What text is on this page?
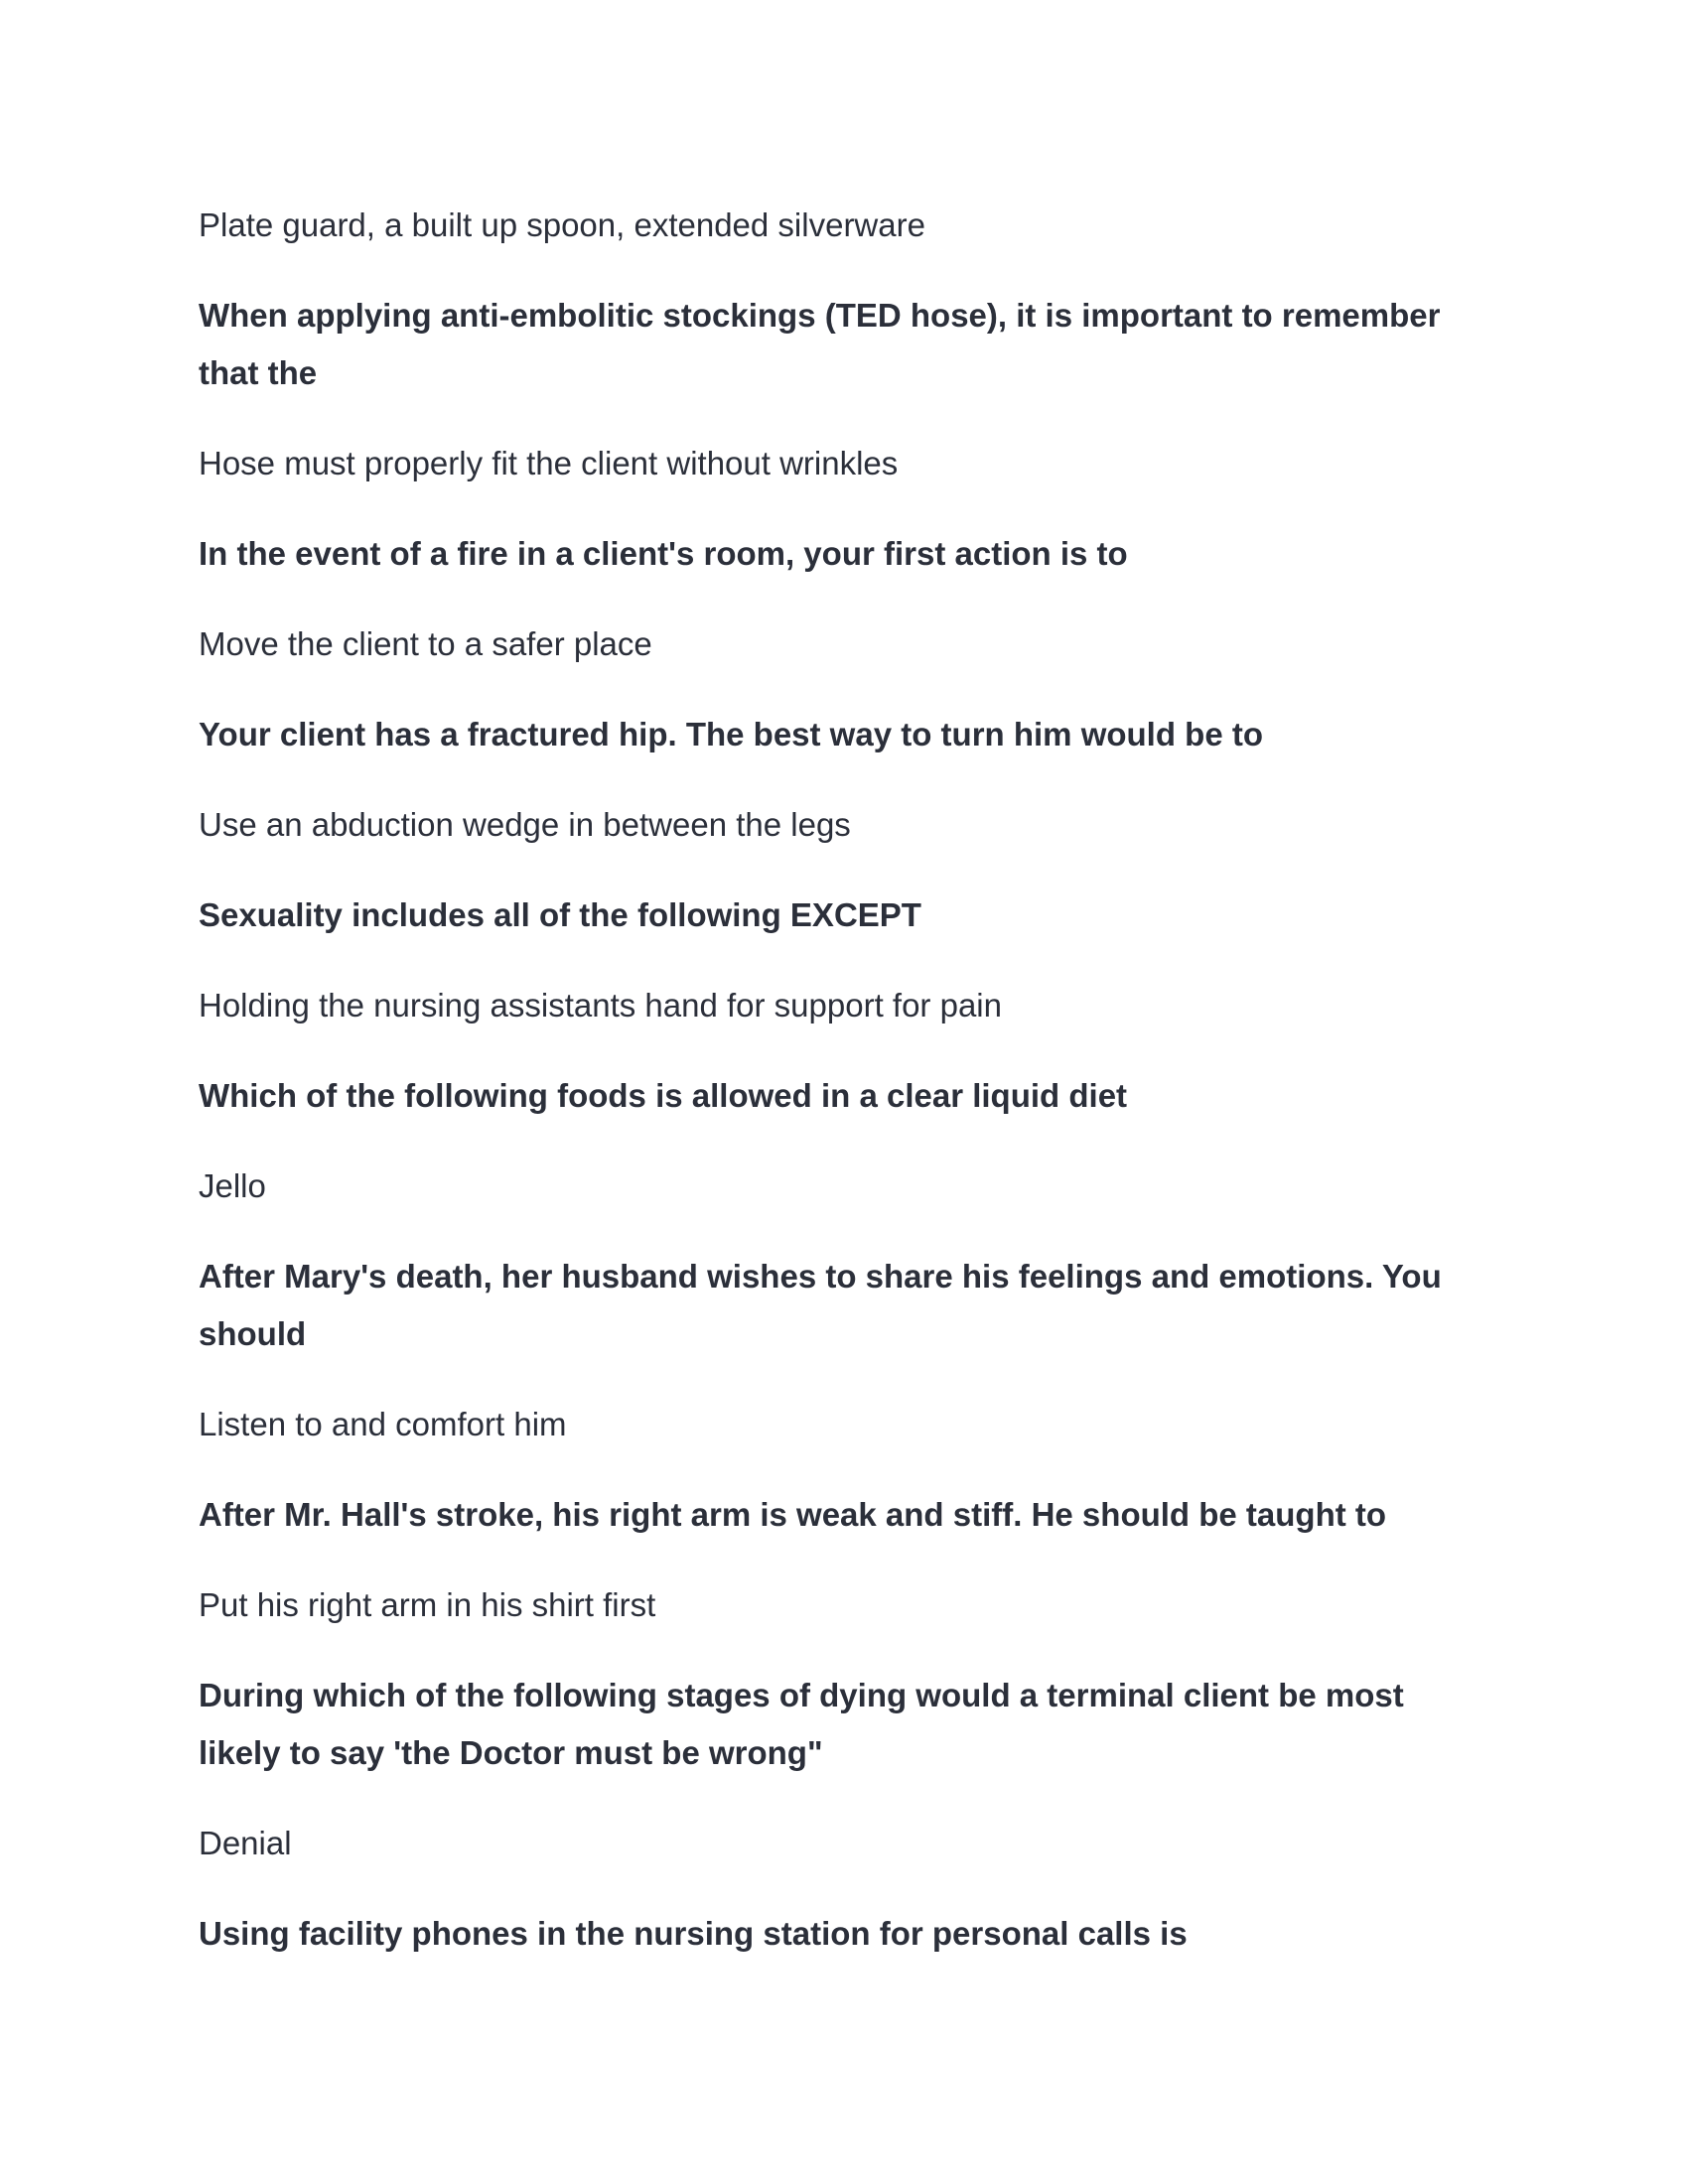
Plate guard, a built up spoon, extended silverware

When applying anti-embolitic stockings (TED hose), it is important to remember that the

Hose must properly fit the client without wrinkles

In the event of a fire in a client's room, your first action is to

Move the client to a safer place

Your client has a fractured hip. The best way to turn him would be to

Use an abduction wedge in between the legs

Sexuality includes all of the following EXCEPT

Holding the nursing assistants hand for support for pain

Which of the following foods is allowed in a clear liquid diet

Jello

After Mary's death, her husband wishes to share his feelings and emotions. You should

Listen to and comfort him

After Mr. Hall's stroke, his right arm is weak and stiff. He should be taught to

Put his right arm in his shirt first

During which of the following stages of dying would a terminal client be most likely to say 'the Doctor must be wrong"

Denial

Using facility phones in the nursing station for personal calls is
